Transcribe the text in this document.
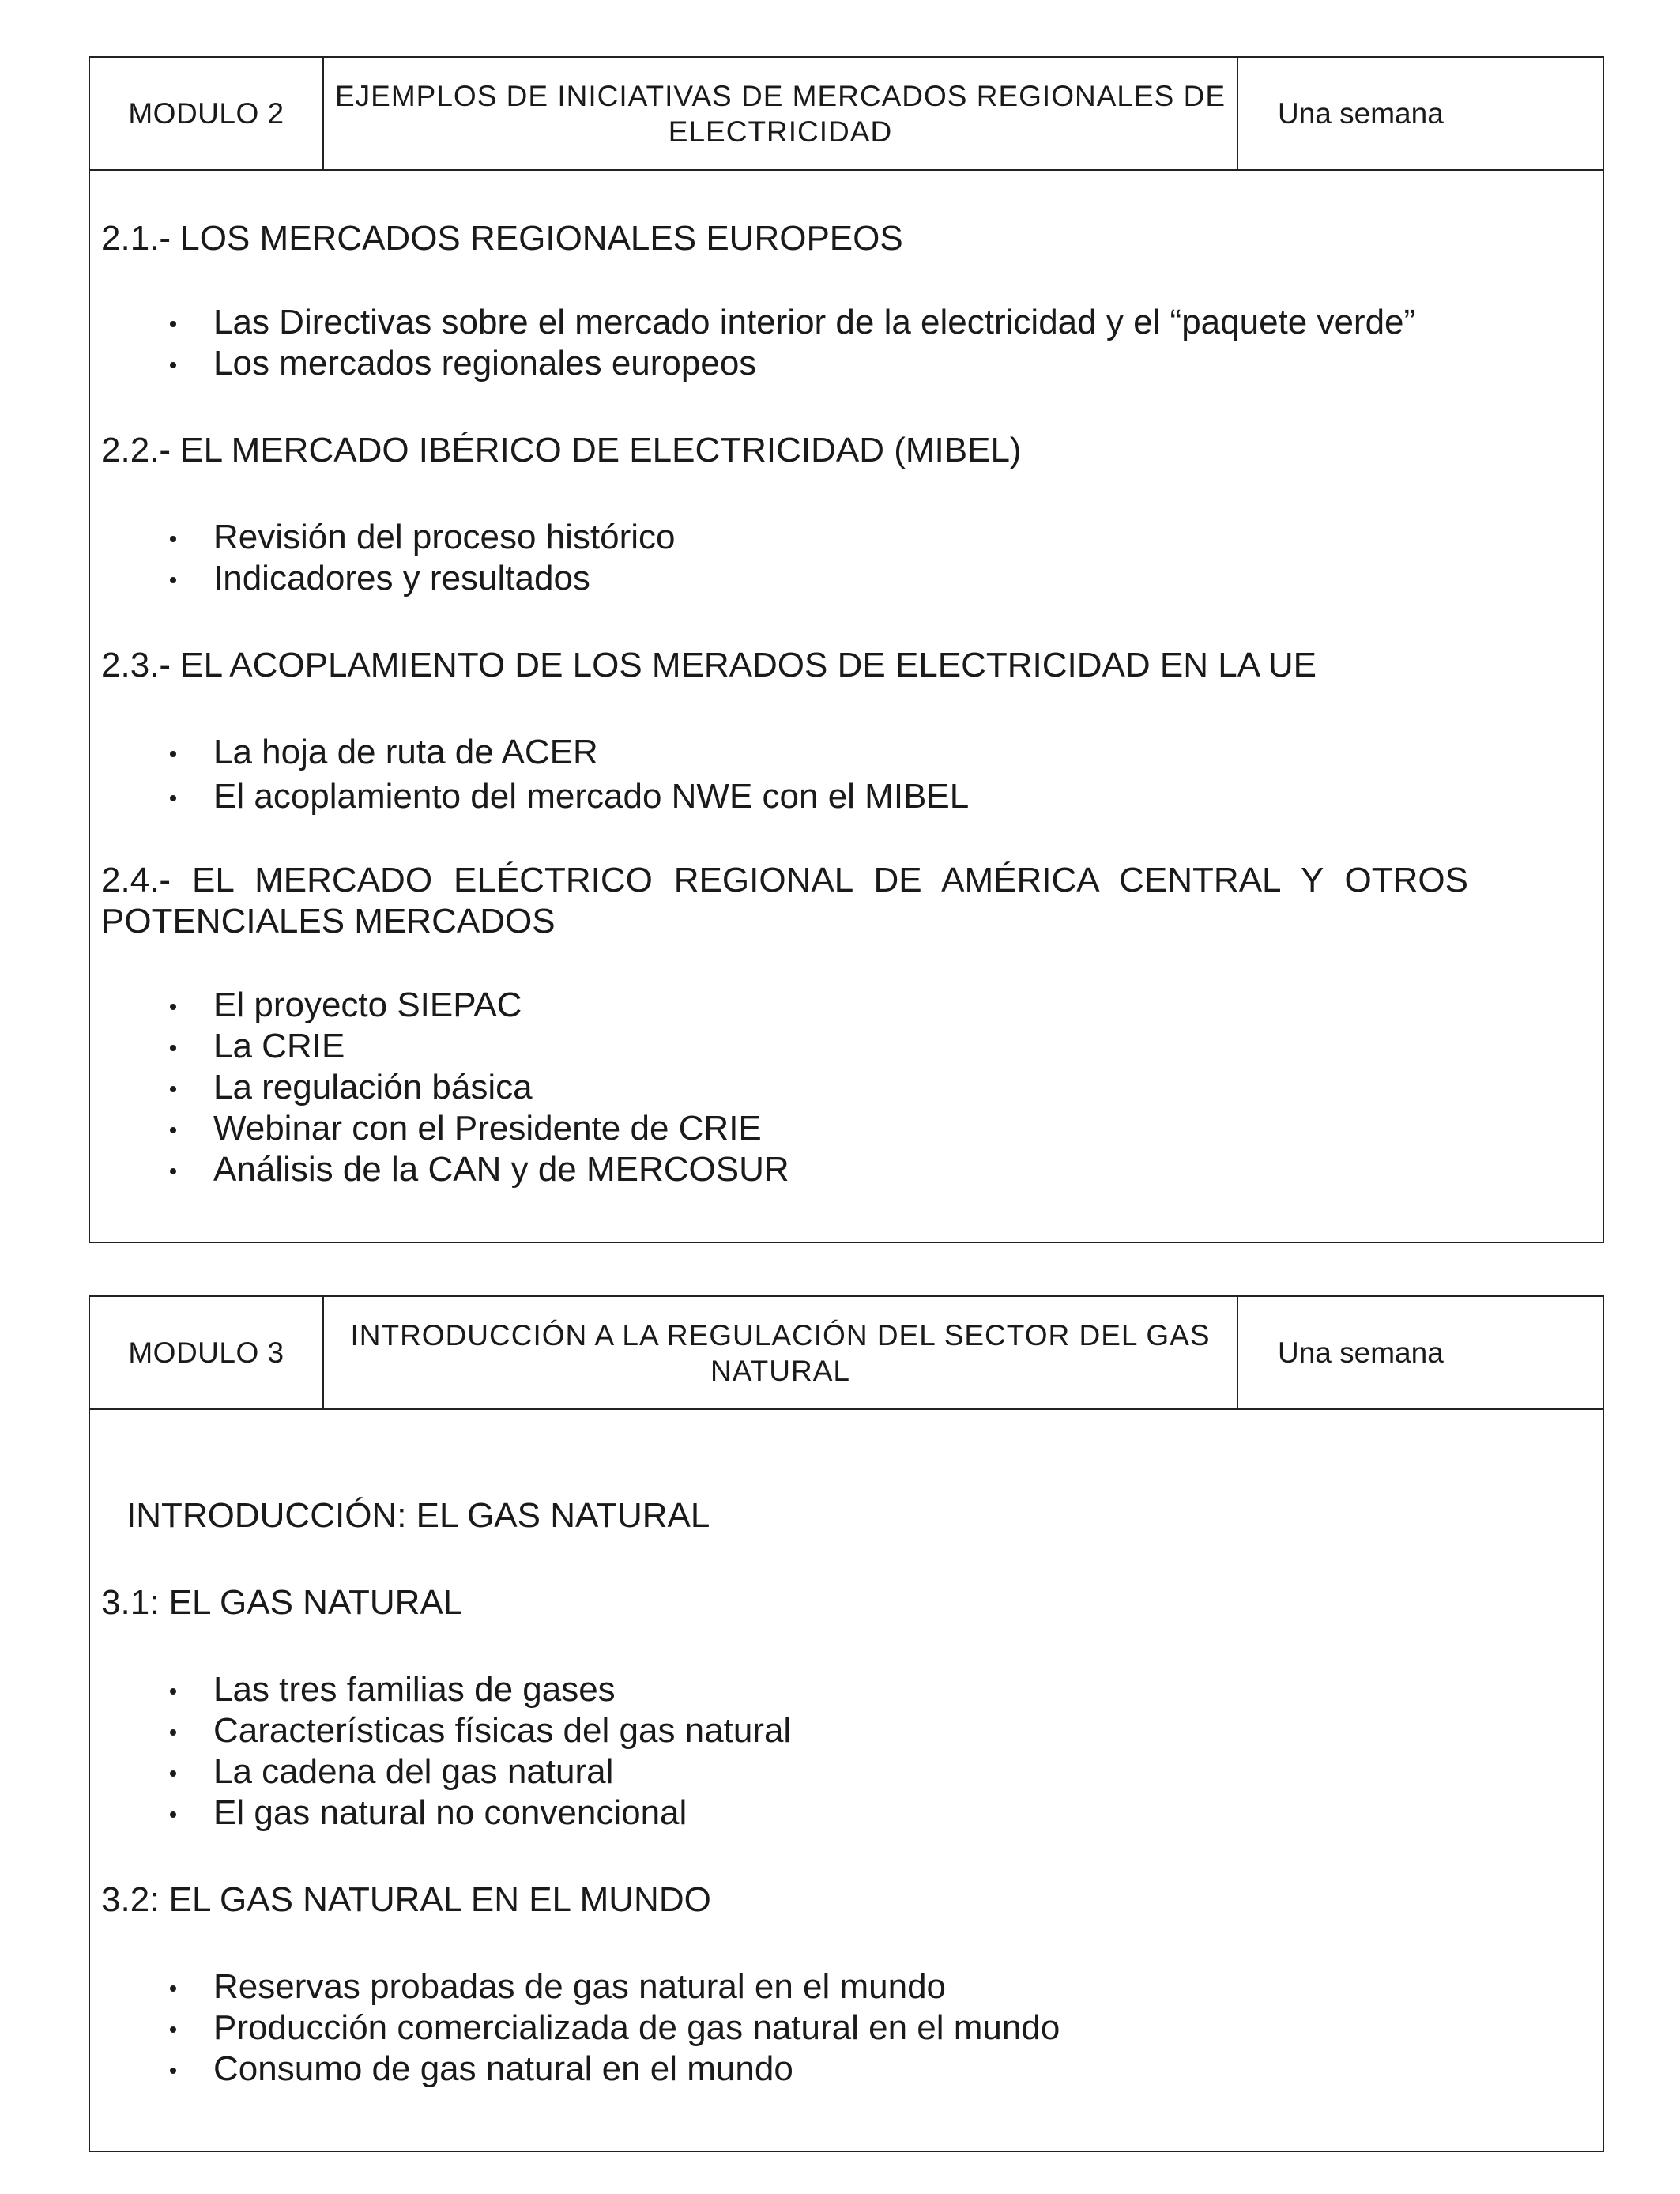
MODULO 2
EJEMPLOS DE INICIATIVAS DE MERCADOS REGIONALES DE ELECTRICIDAD
Una semana

2.1.- LOS MERCADOS REGIONALES EUROPEOS

Las Directivas sobre el mercado interior de la electricidad y el “paquete verde”
Los mercados regionales europeos

2.2.- EL MERCADO IBÉRICO DE ELECTRICIDAD (MIBEL)

Revisión del proceso histórico
Indicadores y resultados

2.3.- EL ACOPLAMIENTO DE LOS MERADOS DE ELECTRICIDAD EN LA UE

La hoja de ruta de ACER
El acoplamiento del mercado NWE con el MIBEL

2.4.- EL MERCADO ELÉCTRICO REGIONAL DE AMÉRICA CENTRAL Y OTROS POTENCIALES MERCADOS

El proyecto SIEPAC
La CRIE
La regulación básica
Webinar con el Presidente de CRIE
Análisis de la CAN y de MERCOSUR
MODULO 3
INTRODUCCIÓN A LA REGULACIÓN DEL SECTOR DEL GAS NATURAL
Una semana

INTRODUCCIÓN: EL GAS NATURAL

3.1: EL GAS NATURAL

Las tres familias de gases
Características físicas del gas natural
La cadena del gas natural
El gas natural no convencional

3.2: EL GAS NATURAL EN EL MUNDO

Reservas probadas de gas natural en el mundo
Producción comercializada de gas natural en el mundo
Consumo de gas natural en el mundo
